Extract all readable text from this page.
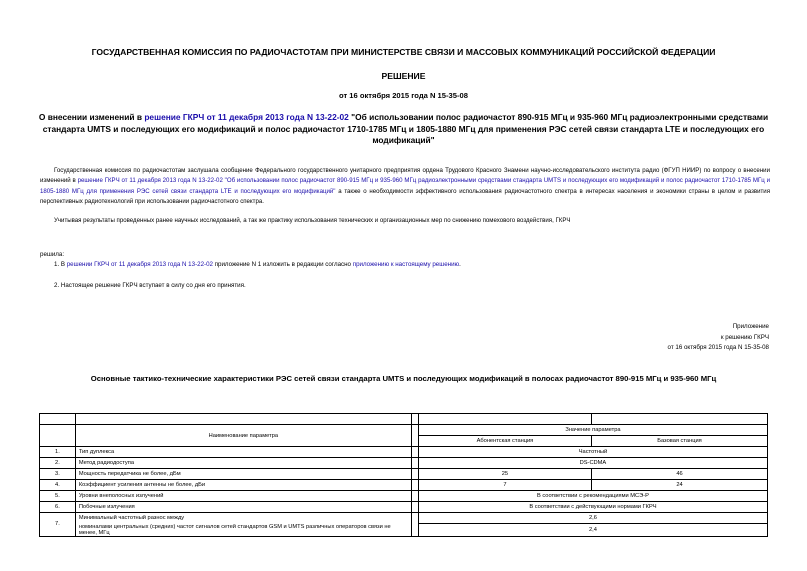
ГОСУДАРСТВЕННАЯ КОМИССИЯ ПО РАДИОЧАСТОТАМ ПРИ МИНИСТЕРСТВЕ СВЯЗИ И МАССОВЫХ КОММУНИКАЦИЙ РОССИЙСКОЙ ФЕДЕРАЦИИ
РЕШЕНИЕ
от 16 октября 2015 года N 15-35-08
О внесении изменений в решение ГКРЧ от 11 декабря 2013 года N 13-22-02 "Об использовании полос радиочастот 890-915 МГц и 935-960 МГц радиоэлектронными средствами стандарта UMTS и последующих его модификаций и полос радиочастот 1710-1785 МГц и 1805-1880 МГц для применения РЭС сетей связи стандарта LTE и последующих его модификаций"
Государственная комиссия по радиочастотам заслушала сообщение Федерального государственного унитарного предприятия ордена Трудового Красного Знамени научно-исследовательского института радио (ФГУП НИИР) по вопросу о внесении изменений в решение ГКРЧ от 11 декабря 2013 года N 13-22-02 "Об использовании полос радиочастот 890-915 МГц и 935-960 МГц радиоэлектронными средствами стандарта UMTS и последующих его модификаций и полос радиочастот 1710-1785 МГц и 1805-1880 МГц для применения РЭС сетей связи стандарта LTE и последующих его модификаций" а также о необходимости эффективного использования радиочастотного спектра в интересах населения и экономики страны в целом и развития перспективных радиотехнологий при использовании радиочастотного спектра.
Учитывая результаты проведенных ранее научных исследований, а так же практику использования технических и организационных мер по снижению помехового воздействия, ГКРЧ
решила:
1. В решении ГКРЧ от 11 декабря 2013 года N 13-22-02 приложение N 1 изложить в редакции согласно приложению к настоящему решению.
2. Настоящее решение ГКРЧ вступает в силу со дня его принятия.
Приложение
к решению ГКРЧ
от 16 октября 2015 года N 15-35-08
Основные тактико-технические характеристики РЭС сетей связи стандарта UMTS и последующих модификаций в полосах радиочастот 890-915 МГц и 935-960 МГц

	Наименование параметра		Значение параметра	
			Абонентская станция	Базовая станция
1.	Тип дуплекса		Частотный	
2.	Метод радиодоступа		DS-CDMA	
3.	Мощность передатчика не более, дБм		25	46
4.	Коэффициент усиления антенны не более, дБи		7	24
5.	Уровни внеполосных излучений		В соответствии с рекомендациями МСЭ-Р	
6.	Побочные излучения		В соответствии с действующими нормами ГКРЧ	
7.	Минимальный частотный разнос между		2,6	
	номиналами центральных (средних) частот сигналов сетей стандартов GSM и UMTS различных операторов связи не менее, МГц		2,4	
